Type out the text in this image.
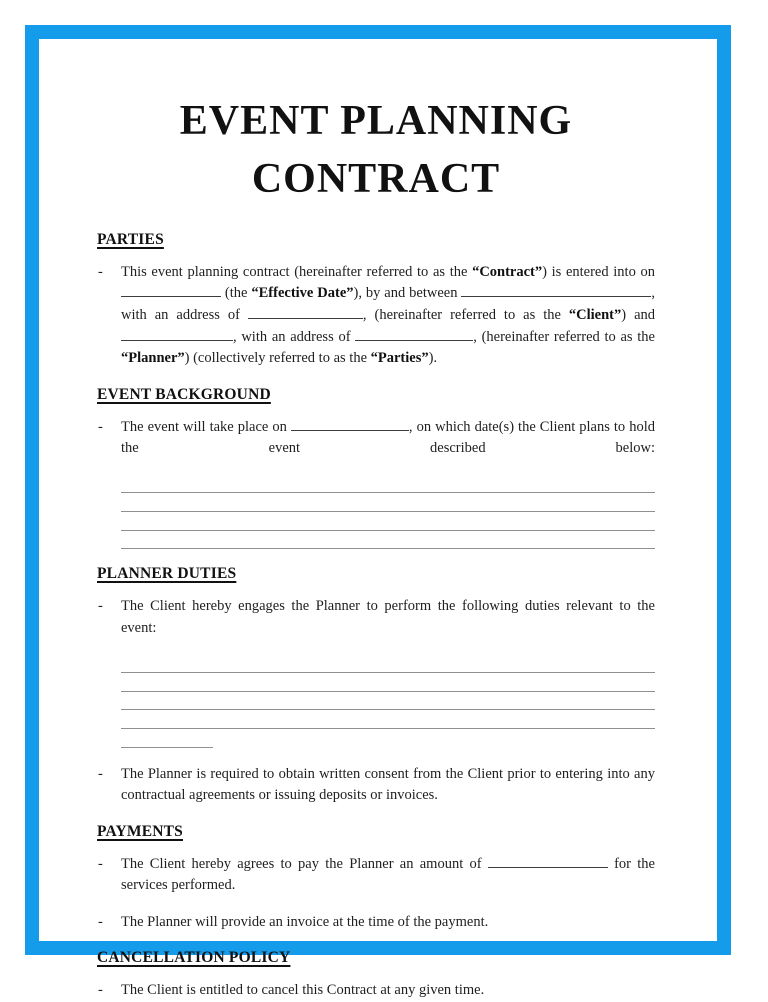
EVENT PLANNING
CONTRACT
PARTIES

- This event planning contract (hereinafter referred to as the “Contract”) is entered into on  (the “Effective Date”), by and between	, with an address of	, (hereinafter referred to as the “Client”) and , with an address of	, (hereinafter referred to as the “Planner”) (collectively referred to as the “Parties”).

EVENT BACKGROUND

- The event will take place on	, on which date(s) the Client plans to hold the event described below:

PLANNER DUTIES

- The Client hereby engages the Planner to perform the following duties relevant to the event:

- The Planner is required to obtain written consent from the Client prior to entering into any contractual agreements or issuing deposits or invoices.

PAYMENTS

- The Client hereby agrees to pay the Planner an amount of	for the services performed.

- The Planner will provide an invoice at the time of the payment.

CANCELLATION POLICY

- The Client is entitled to cancel this Contract at any given time.
